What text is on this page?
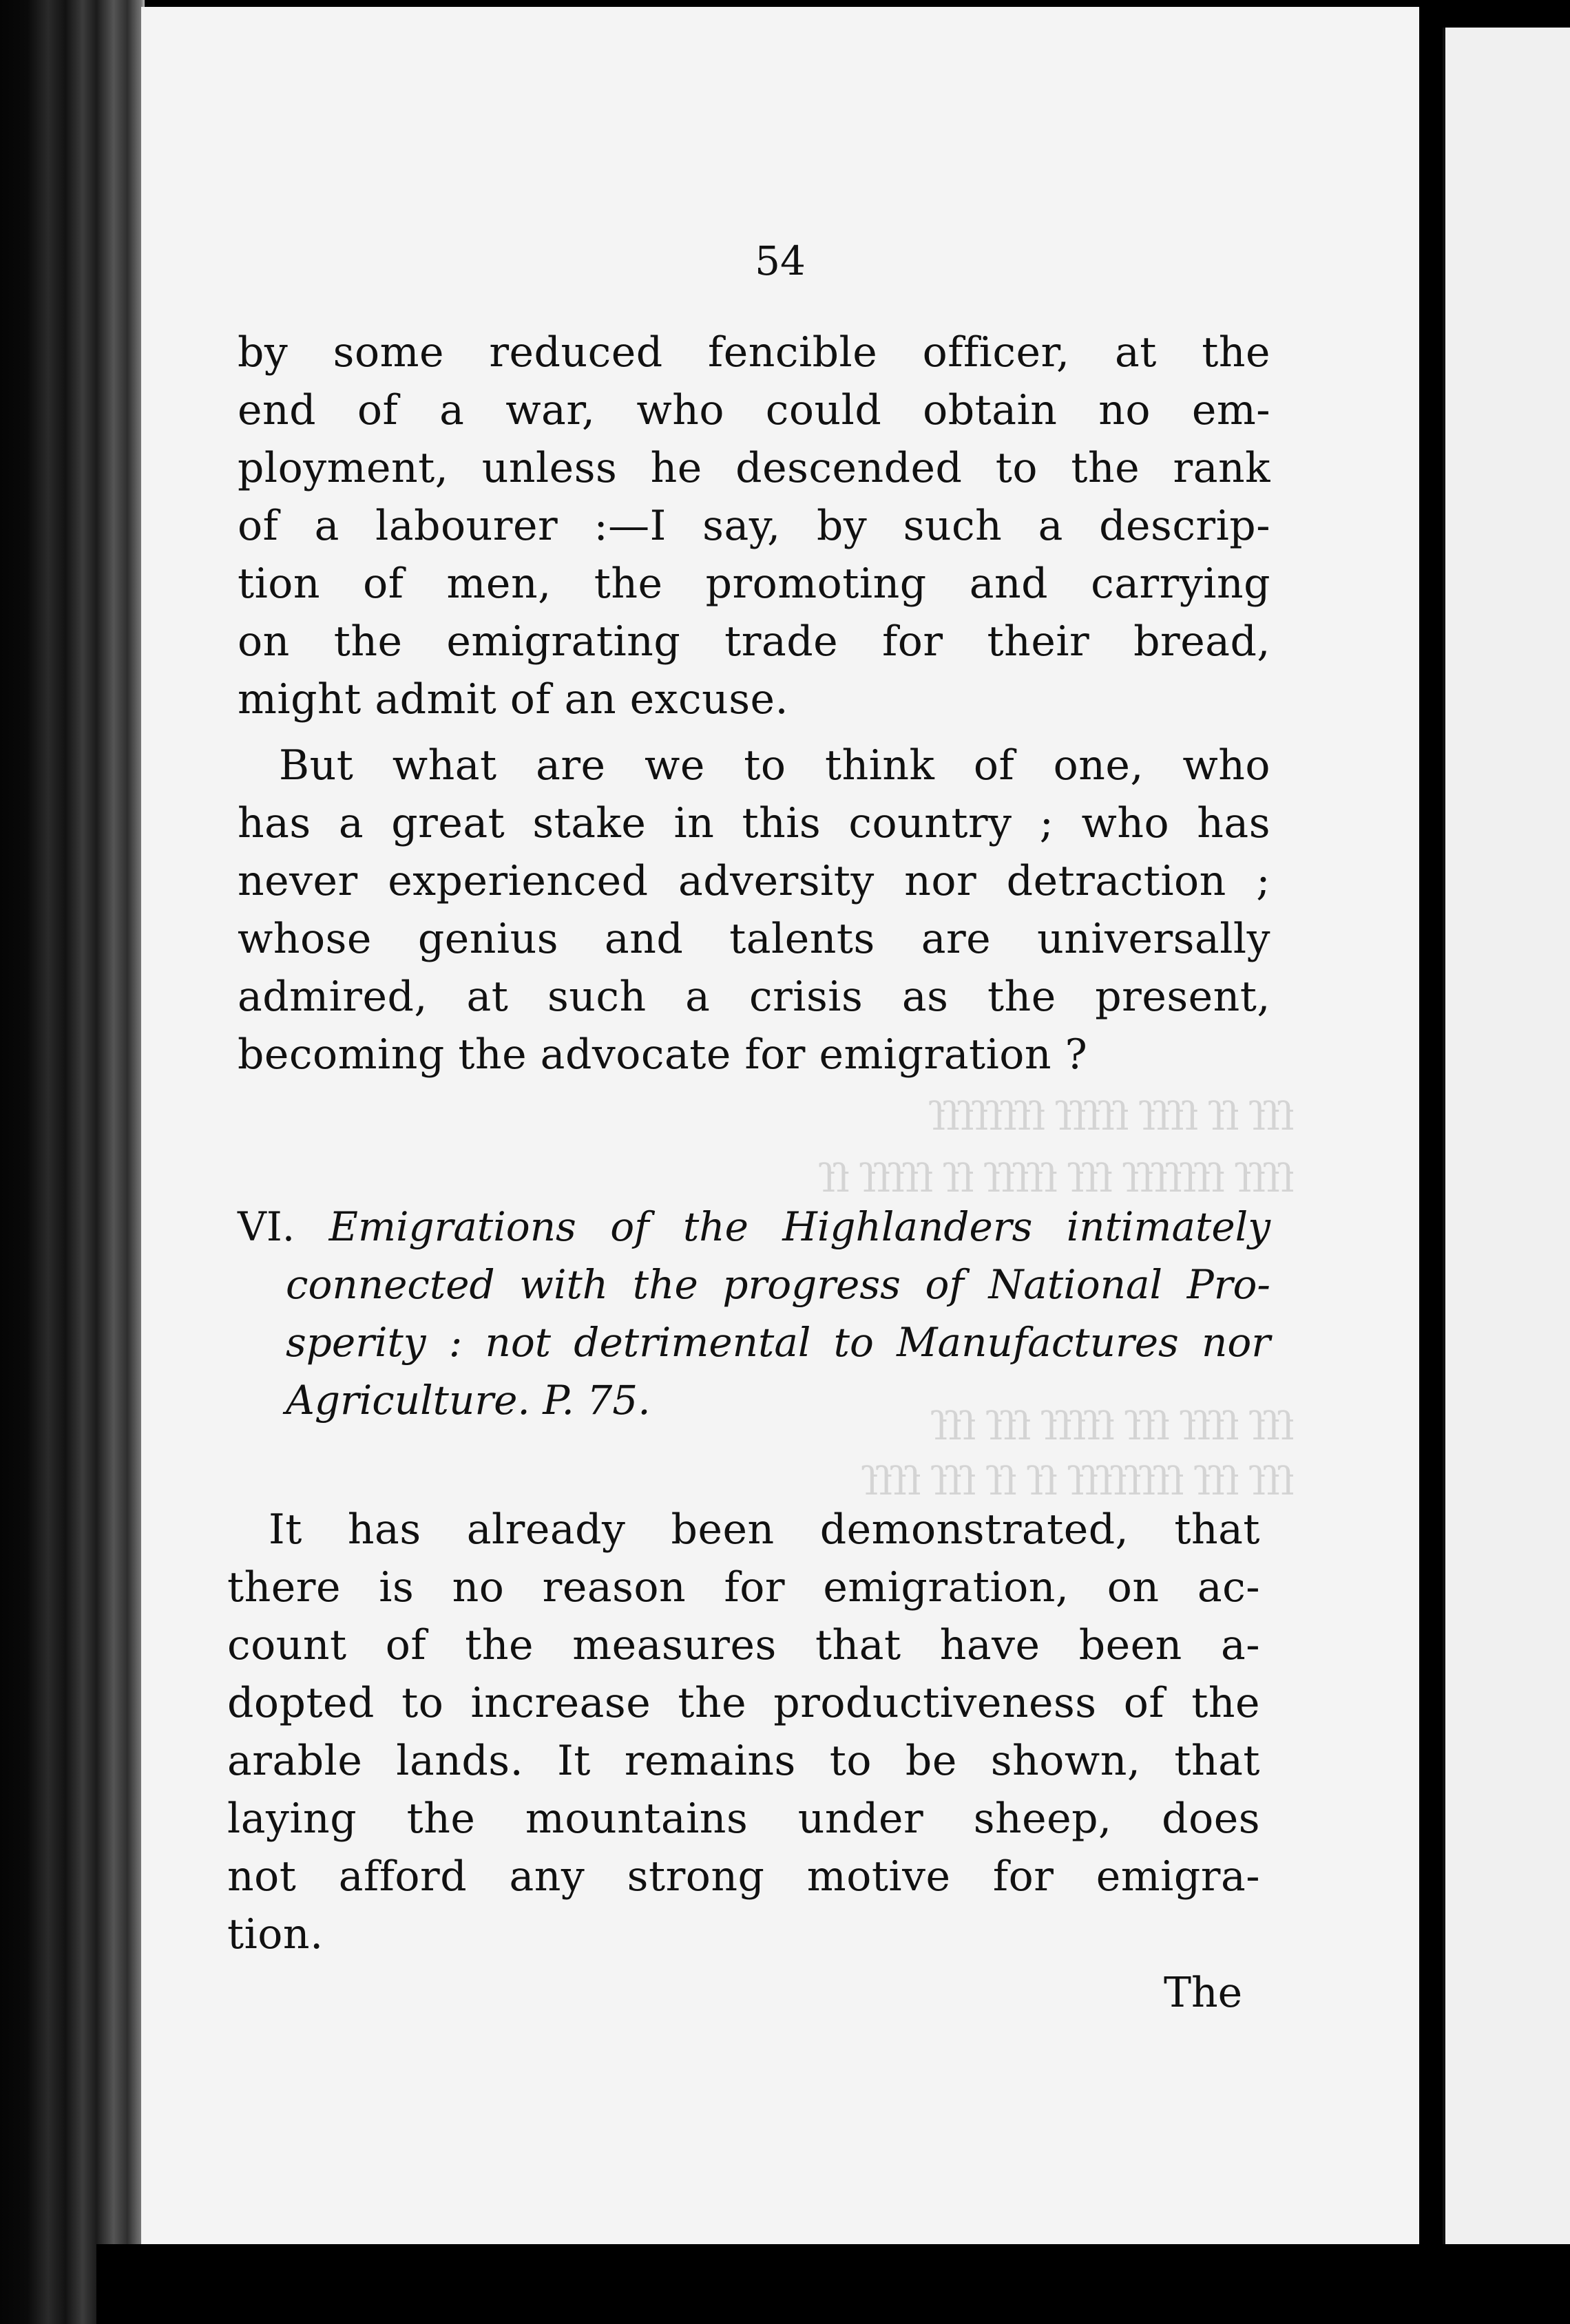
54
ſſſ ſſ ſſſſ ſſſſſ ſſſſſſſſ
ſſſſ ſſſſſſſ ſſſ ſſſſſ ſſ ſſſſſ ſſ
ſſſ ſſſſ ſſſ ſſſſſ ſſſ ſſſ
ſſſ ſſſ ſſſſſſſſ ſſ ſſ ſſſ ſſſſ
by some reduced fencible officer, at the
end of a war, who could obtain no em-
ployment, unless he descended to the rank
of a labourer :—I say, by such a descrip-
tion of men, the promoting and carrying
on the emigrating trade for their bread,
might admit of an excuse.
But what are we to think of one, who
has a great stake in this country ; who has
never experienced adversity nor detraction ;
whose genius and talents are universally
admired, at such a crisis as the present,
becoming the advocate for emigration ?
VI. Emigrations of the Highlanders intimately
connected with the progress of National Pro-
sperity : not detrimental to Manufactures nor
Agriculture. P. 75.
It has already been demonstrated, that
there is no reason for emigration, on ac-
count of the measures that have been a-
dopted to increase the productiveness of the
arable lands. It remains to be shown, that
laying the mountains under sheep, does
not afford any strong motive for emigra-
tion.
The
